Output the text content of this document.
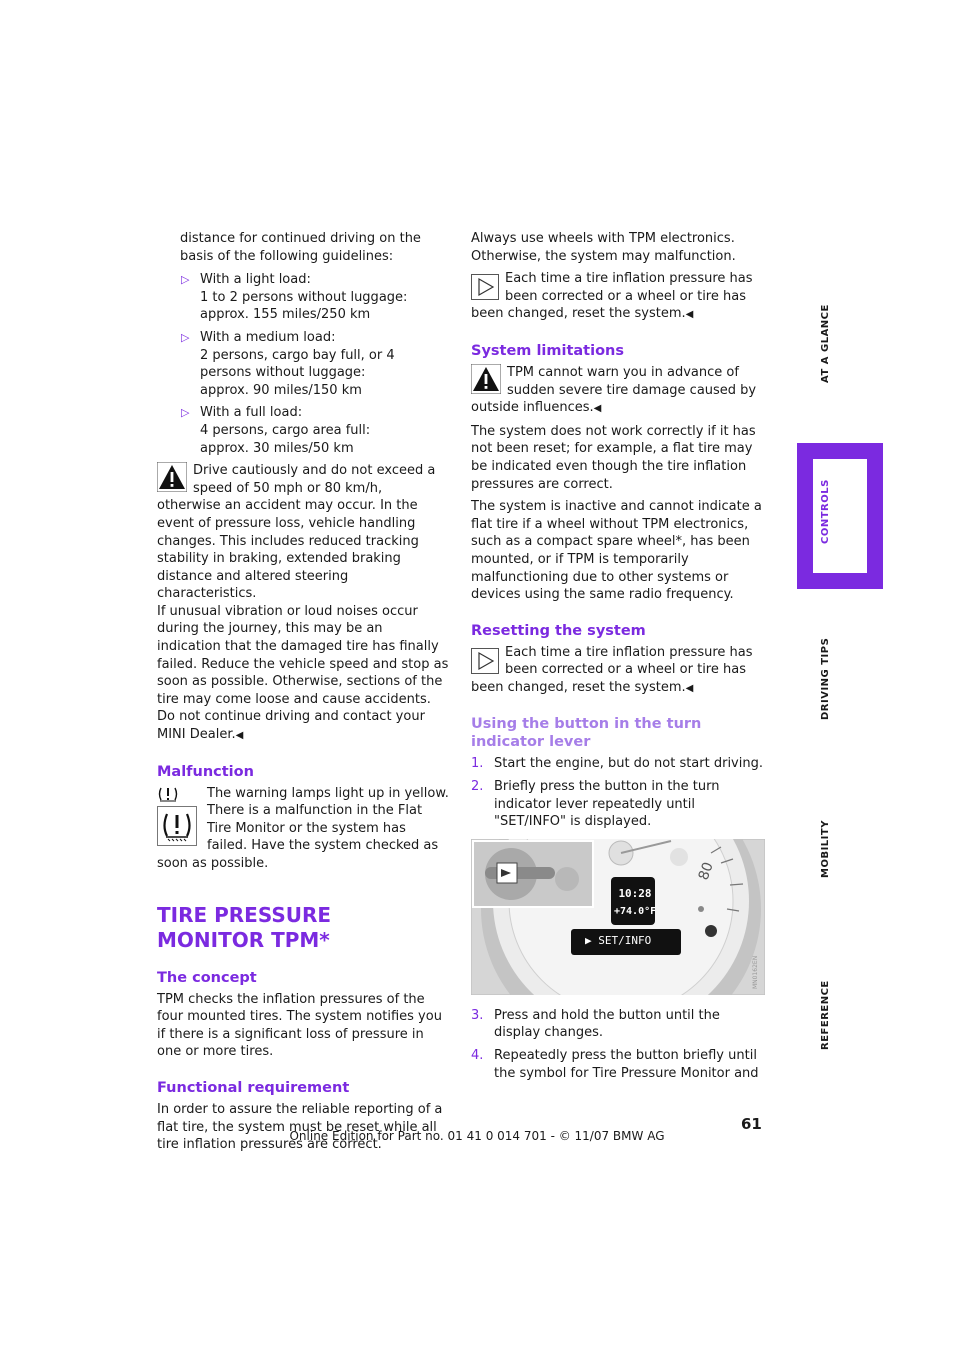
distance for continued driving on the basis of the following guidelines:

▷ With a light load:
1 to 2 persons without luggage:
approx. 155 miles/250 km
▷ With a medium load:
2 persons, cargo bay full, or 4 persons without luggage:
approx. 90 miles/150 km
▷ With a full load:
4 persons, cargo area full:
approx. 30 miles/50 km

Drive cautiously and do not exceed a speed of 50 mph or 80 km/h, otherwise an accident may occur. In the event of pressure loss, vehicle handling changes. This includes reduced tracking stability in braking, extended braking distance and altered steering characteristics.

If unusual vibration or loud noises occur during the journey, this may be an indication that the damaged tire has finally failed. Reduce the vehicle speed and stop as soon as possible. Otherwise, sections of the tire may come loose and cause accidents. Do not continue driving and contact your MINI Dealer.◀

Malfunction

The warning lamps light up in yellow. There is a malfunction in the Flat Tire Monitor or the system has failed. Have the system checked as soon as possible.

TIRE PRESSURE MONITOR TPM*
The concept

TPM checks the inflation pressures of the four mounted tires. The system notifies you if there is a significant loss of pressure in one or more tires.

Functional requirement

In order to assure the reliable reporting of a flat tire, the system must be reset while all tire inflation pressures are correct.

Always use wheels with TPM electronics. Otherwise, the system may malfunction.

Each time a tire inflation pressure has been corrected or a wheel or tire has been changed, reset the system.◀

System limitations

TPM cannot warn you in advance of sudden severe tire damage caused by outside influences.◀

The system does not work correctly if it has not been reset; for example, a flat tire may be indicated even though the tire inflation pressures are correct.

The system is inactive and cannot indicate a flat tire if a wheel without TPM electronics, such as a compact spare wheel*, has been mounted, or if TPM is temporarily malfunctioning due to other systems or devices using the same radio frequency.

Resetting the system

Each time a tire inflation pressure has been corrected or a wheel or tire has been changed, reset the system.◀

Using the button in the turn indicator lever
1. Start the engine, but do not start driving.
2. Briefly press the button in the turn indicator lever repeatedly until "SET/INFO" is displayed.
80
MN0162EN
10:28
+74.0°F
▶ SET/INFO
3. Press and hold the button until the display changes.
4. Repeatedly press the button briefly until the symbol for Tire Pressure Monitor and
AT A GLANCE
CONTROLS
DRIVING TIPS
MOBILITY
REFERENCE
61
Online Edition for Part no. 01 41 0 014 701 - © 11/07 BMW AG
